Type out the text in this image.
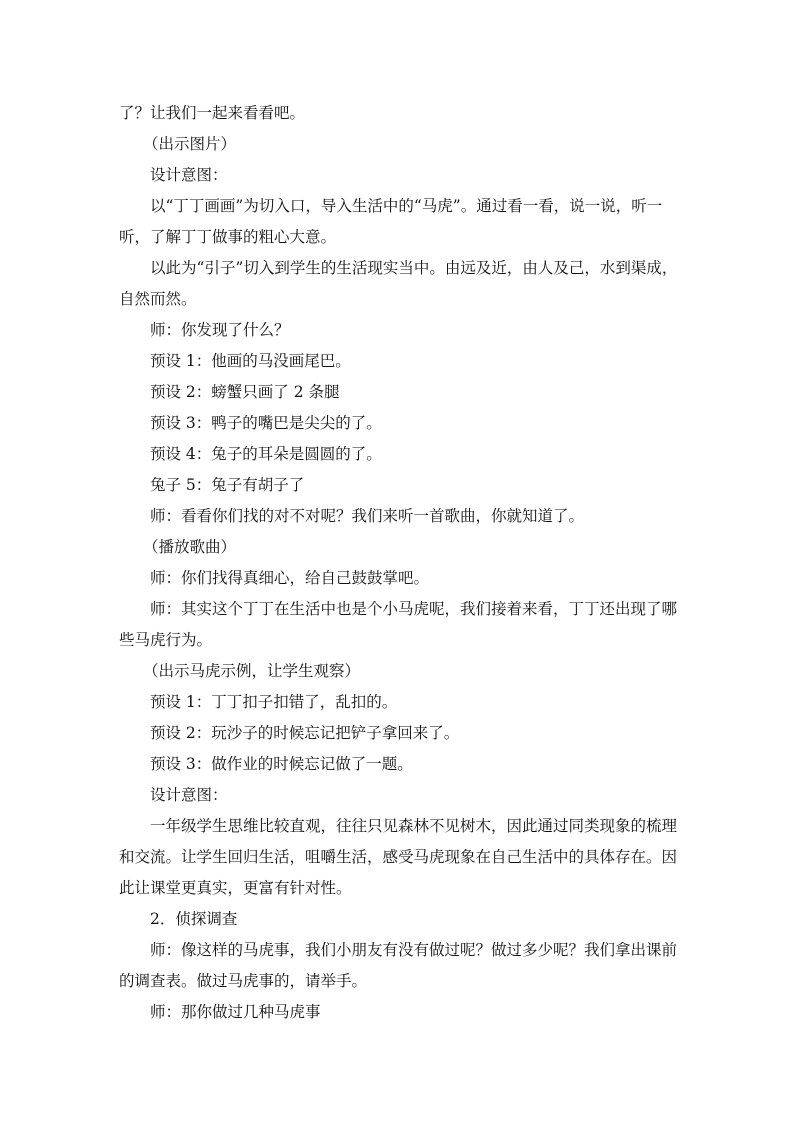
了？让我们一起来看看吧。

（出示图片）

设计意图：

以“丁丁画画”为切入口，导入生活中的“马虎”。通过看一看，说一说，听一听，了解丁丁做事的粗心大意。

以此为“引子”切入到学生的生活现实当中。由远及近，由人及己，水到渠成，自然而然。

师：你发现了什么？

预设 1：他画的马没画尾巴。

预设 2：螃蟹只画了 2 条腿

预设 3：鸭子的嘴巴是尖尖的了。

预设 4：兔子的耳朵是圆圆的了。

兔子 5：兔子有胡子了

师：看看你们找的对不对呢？我们来听一首歌曲，你就知道了。

（播放歌曲）

师：你们找得真细心，给自己鼓鼓掌吧。

师：其实这个丁丁在生活中也是个小马虎呢，我们接着来看，丁丁还出现了哪些马虎行为。

（出示马虎示例，让学生观察）

预设 1：丁丁扣子扣错了，乱扣的。

预设 2：玩沙子的时候忘记把铲子拿回来了。

预设 3：做作业的时候忘记做了一题。

设计意图：

一年级学生思维比较直观，往往只见森林不见树木，因此通过同类现象的梳理和交流。让学生回归生活，咀嚼生活，感受马虎现象在自己生活中的具体存在。因此让课堂更真实，更富有针对性。

2．侦探调查

师：像这样的马虎事，我们小朋友有没有做过呢？做过多少呢？我们拿出课前的调查表。做过马虎事的，请举手。

师：那你做过几种马虎事
